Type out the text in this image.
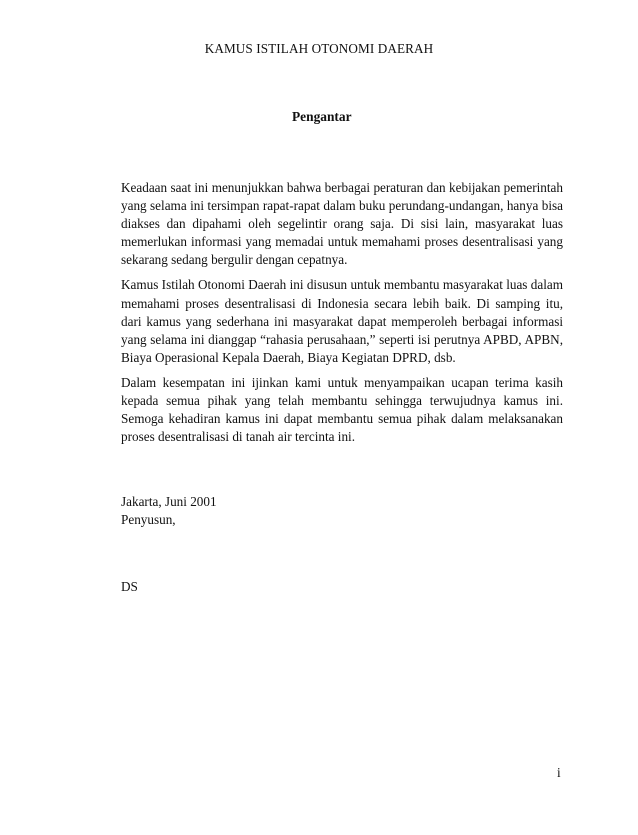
KAMUS ISTILAH OTONOMI DAERAH
Pengantar

Keadaan saat ini menunjukkan bahwa berbagai peraturan dan kebijakan pemerintah yang selama ini tersimpan rapat-rapat dalam buku perundang-undangan, hanya bisa diakses dan dipahami oleh segelintir orang saja. Di sisi lain, masyarakat luas memerlukan informasi yang memadai untuk memahami proses desentralisasi yang sekarang sedang bergulir dengan cepatnya.

Kamus Istilah Otonomi Daerah ini disusun untuk membantu masyarakat luas dalam memahami proses desentralisasi di Indonesia secara lebih baik. Di samping itu, dari kamus yang sederhana ini masyarakat dapat memperoleh berbagai informasi yang selama ini dianggap “rahasia perusahaan,” seperti isi perutnya APBD, APBN, Biaya Operasional Kepala Daerah, Biaya Kegiatan DPRD, dsb.

Dalam kesempatan ini ijinkan kami untuk menyampaikan ucapan terima kasih kepada semua pihak yang telah membantu sehingga terwujudnya kamus ini. Semoga kehadiran kamus ini dapat membantu semua pihak dalam melaksanakan proses desentralisasi di tanah air tercinta ini.

Jakarta, Juni 2001
Penyusun,
DS
i
